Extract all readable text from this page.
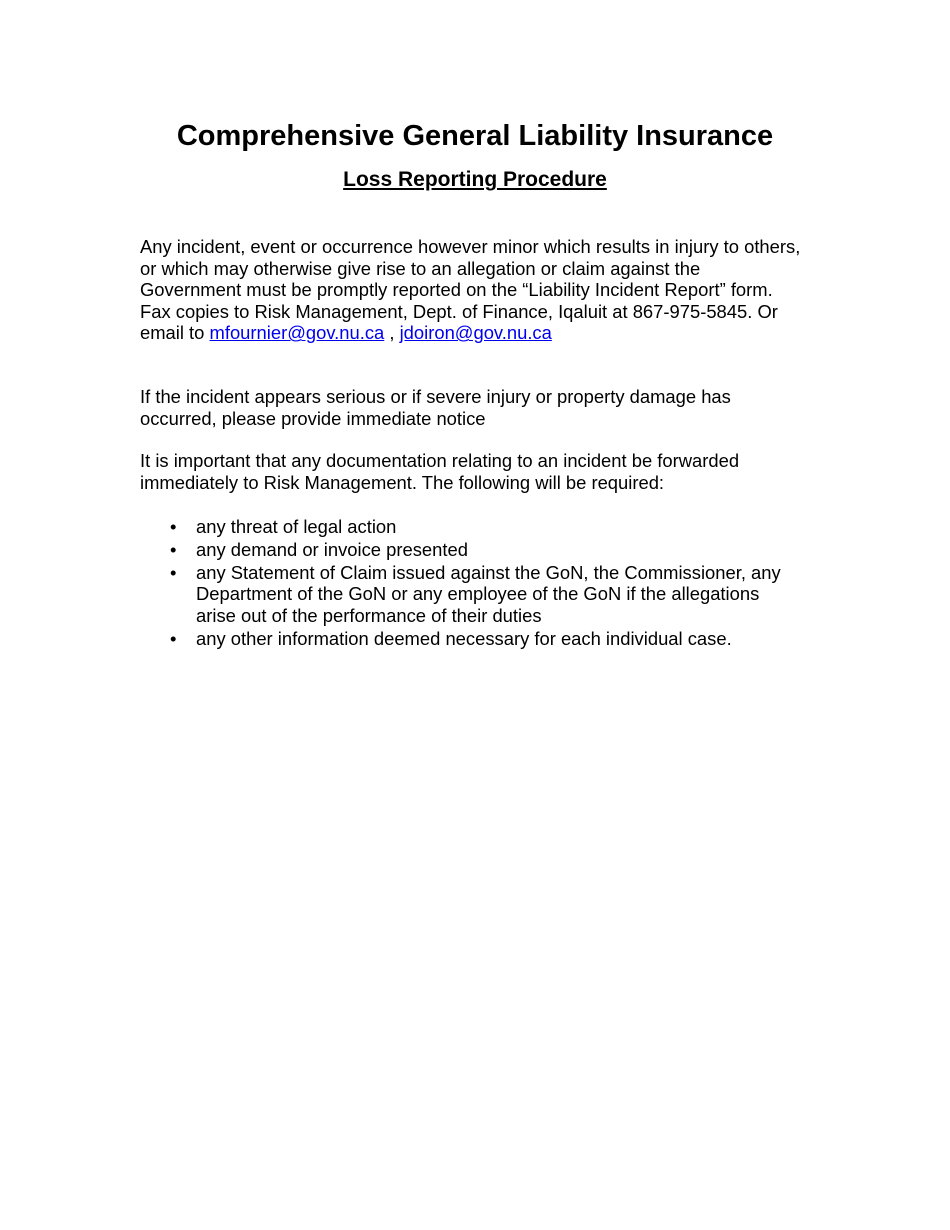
Comprehensive General Liability Insurance
Loss Reporting Procedure

Any incident, event or occurrence however minor which results in injury to others,
or which may otherwise give rise to an allegation or claim against the
Government must be promptly reported on the “Liability Incident Report” form.
Fax copies to Risk Management, Dept. of Finance, Iqaluit at 867-975-5845. Or
email to mfournier@gov.nu.ca , jdoiron@gov.nu.ca

If the incident appears serious or if severe injury or property damage has
occurred, please provide immediate notice

It is important that any documentation relating to an incident be forwarded
immediately to Risk Management. The following will be required:

• any threat of legal action
• any demand or invoice presented
• any Statement of Claim issued against the GoN, the Commissioner, any
Department of the GoN or any employee of the GoN if the allegations
arise out of the performance of their duties
• any other information deemed necessary for each individual case.
